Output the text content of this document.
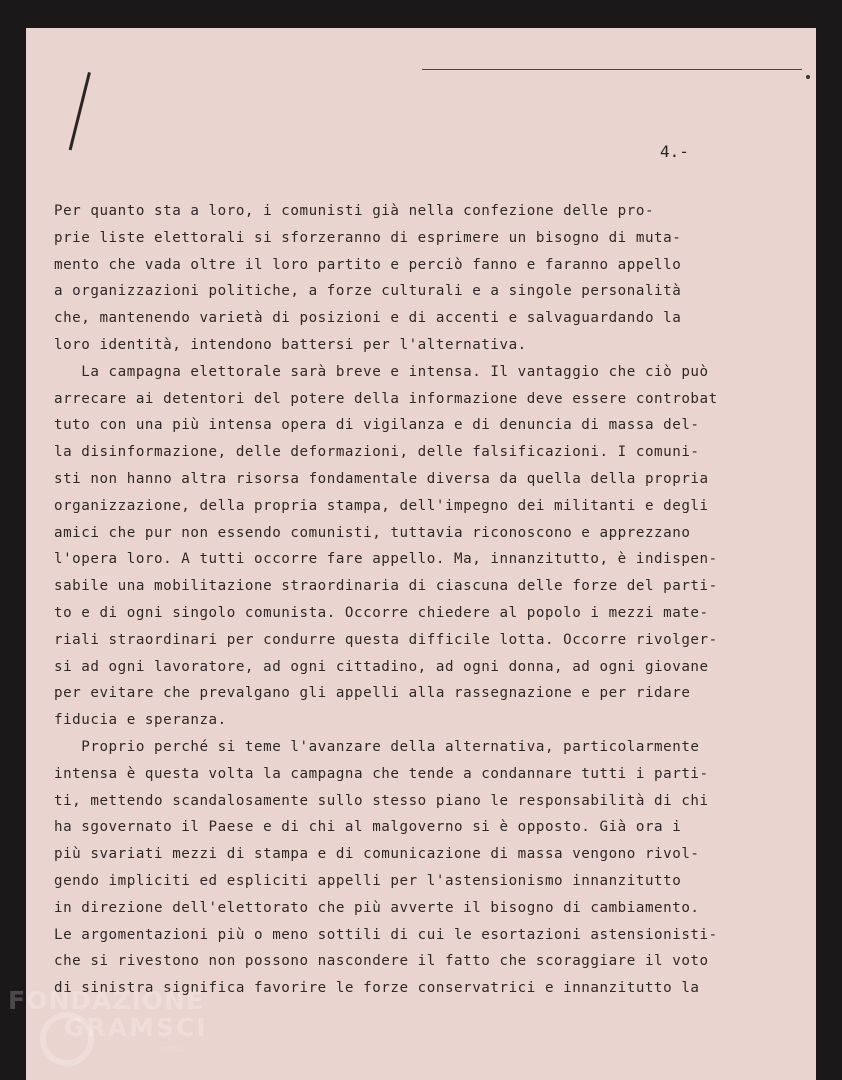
4.-
Per quanto sta a loro, i comunisti già nella confezione delle pro-
prie liste elettorali si sforzeranno di esprimere un bisogno di muta-
mento che vada oltre il loro partito e perciò fanno e faranno appello
a organizzazioni politiche, a forze culturali e a singole personalità
che, mantenendo varietà di posizioni e di accenti e salvaguardando la
loro identità, intendono battersi per l'alternativa.
La campagna elettorale sarà breve e intensa. Il vantaggio che ciò può
arrecare ai detentori del potere della informazione deve essere controbat
tuto con una più intensa opera di vigilanza e di denuncia di massa del-
la disinformazione, delle deformazioni, delle falsificazioni. I comuni-
sti non hanno altra risorsa fondamentale diversa da quella della propria
organizzazione, della propria stampa, dell'impegno dei militanti e degli
amici che pur non essendo comunisti, tuttavia riconoscono e apprezzano
l'opera loro. A tutti occorre fare appello. Ma, innanzitutto, è indispen-
sabile una mobilitazione straordinaria di ciascuna delle forze del parti-
to e di ogni singolo comunista. Occorre chiedere al popolo i mezzi mate-
riali straordinari per condurre questa difficile lotta. Occorre rivolger-
si ad ogni lavoratore, ad ogni cittadino, ad ogni donna, ad ogni giovane
per evitare che prevalgano gli appelli alla rassegnazione e per ridare
fiducia e speranza.
Proprio perché si teme l'avanzare della alternativa, particolarmente
intensa è questa volta la campagna che tende a condannare tutti i parti-
ti, mettendo scandalosamente sullo stesso piano le responsabilità di chi
ha sgovernato il Paese e di chi al malgoverno si è opposto. Già ora i
più svariati mezzi di stampa e di comunicazione di massa vengono rivol-
gendo impliciti ed espliciti appelli per l'astensionismo innanzitutto
in direzione dell'elettorato che più avverte il bisogno di cambiamento.
Le argomentazioni più o meno sottili di cui le esortazioni astensionisti-
che si rivestono non possono nascondere il fatto che scoraggiare il voto
di sinistra significa favorire le forze conservatrici e innanzitutto la
FONDAZIONE
GRAMSCI
onlus
